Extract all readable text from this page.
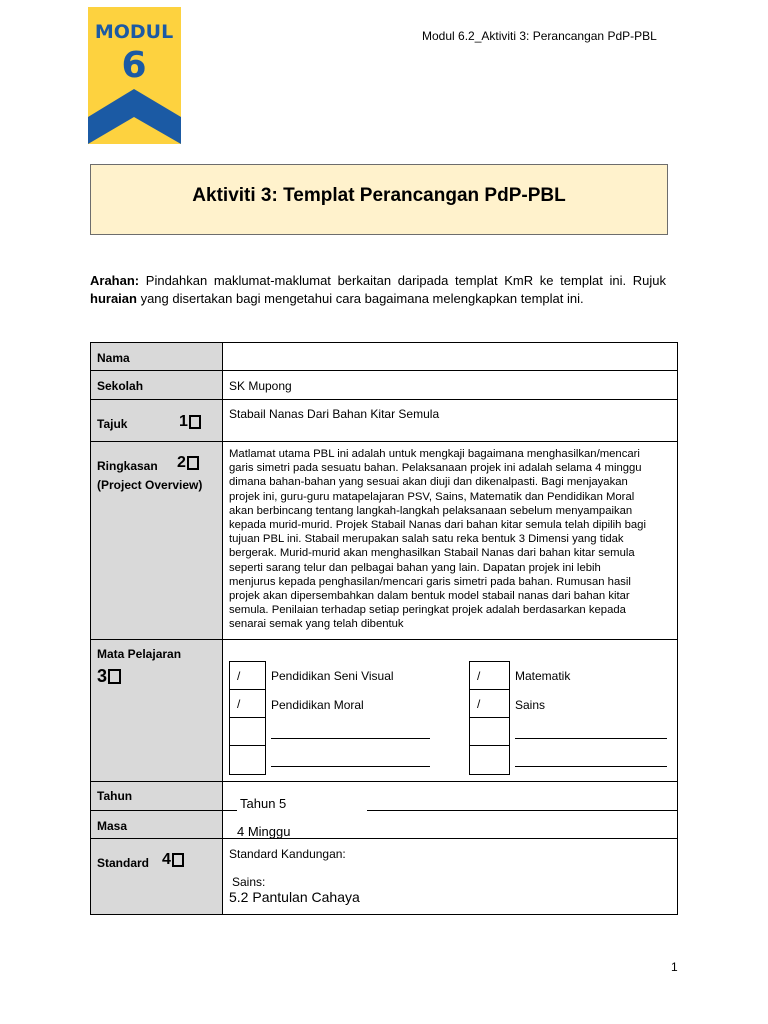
MODUL
6
Modul 6.2_Aktiviti 3: Perancangan PdP-PBL
Aktiviti 3: Templat Perancangan PdP-PBL
Arahan: Pindahkan maklumat-maklumat berkaitan daripada templat KmR ke templat ini. Rujuk huraian yang disertakan bagi mengetahui cara bagaimana melengkapkan templat ini.
Nama
Sekolah	SK Mupong
Tajuk	1	Stabail Nanas Dari Bahan Kitar Semula
Ringkasan
(Project Overview)
2	Matlamat utama PBL ini adalah untuk mengkaji bagaimana menghasilkan/mencari
garis simetri pada sesuatu bahan. Pelaksanaan projek ini adalah selama 4 minggu
dimana bahan-bahan yang sesuai akan diuji dan dikenalpasti. Bagi menjayakan
projek ini, guru-guru matapelajaran PSV, Sains, Matematik dan Pendidikan Moral
akan berbincang tentang langkah-langkah pelaksanaan sebelum menyampaikan
kepada murid-murid. Projek Stabail Nanas dari bahan kitar semula telah dipilih bagi
tujuan PBL ini. Stabail merupakan salah satu reka bentuk 3 Dimensi yang tidak
bergerak. Murid-murid akan menghasilkan Stabail Nanas dari bahan kitar semula
seperti sarang telur dan pelbagai bahan yang lain. Dapatan projek ini lebih
menjurus kepada penghasilan/mencari garis simetri pada bahan. Rumusan hasil
projek akan dipersembahkan dalam bentuk model stabail nanas dari bahan kitar
semula. Penilaian terhadap setiap peringkat projek adalah berdasarkan kepada
senarai semak yang telah dibentuk
Mata Pelajaran
3	/	Pendidikan Seni Visual
/	Pendidikan Moral
/	Matematik
/	Sains
Tahun	Tahun 5
Masa	4 Minggu
Standard 4	Standard Kandungan:
Sains:
5.2 Pantulan Cahaya
1
